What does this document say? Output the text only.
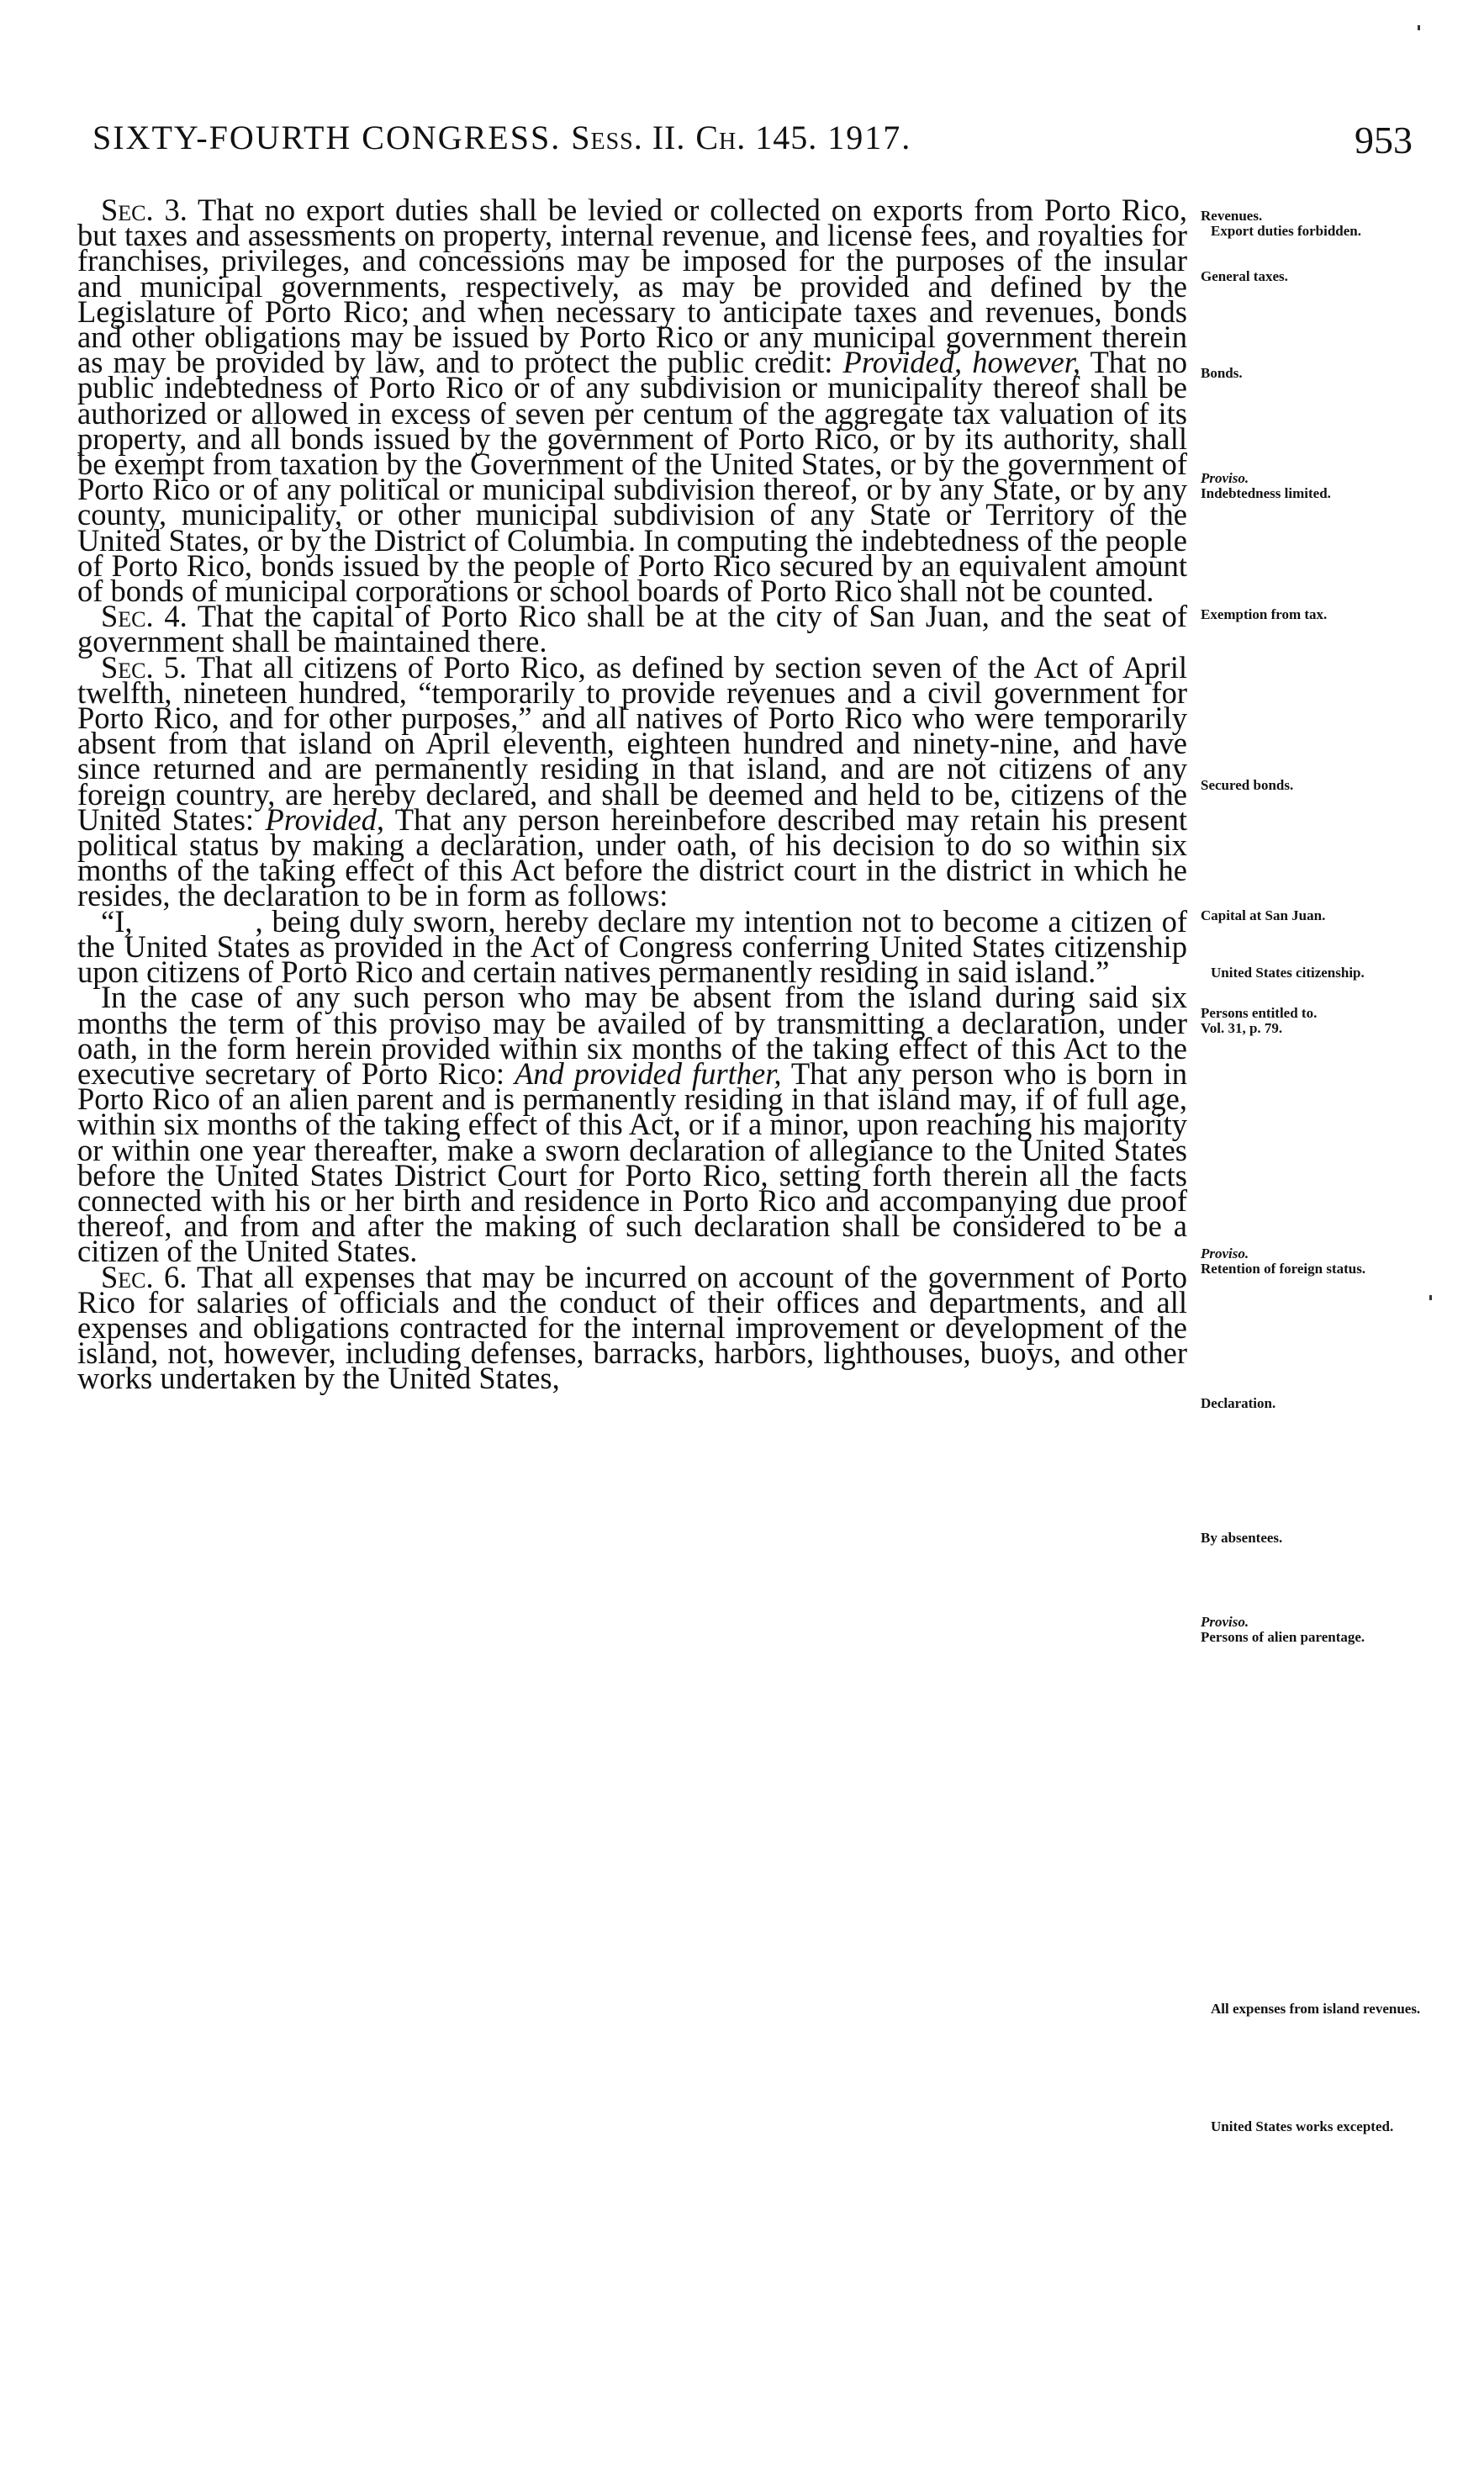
SIXTY-FOURTH CONGRESS. Sess. II. Ch. 145. 1917.	953

Sec. 3. That no export duties shall be levied or collected on exports from Porto Rico, but taxes and assessments on property, internal revenue, and license fees, and royalties for franchises, privileges, and concessions may be imposed for the purposes of the insular and municipal governments, respectively, as may be provided and defined by the Legislature of Porto Rico; and when necessary to anticipate taxes and revenues, bonds and other obligations may be issued by Porto Rico or any municipal government therein as may be provided by law, and to protect the public credit: Provided, however, That no public indebtedness of Porto Rico or of any subdivision or municipality thereof shall be authorized or allowed in excess of seven per centum of the aggregate tax valuation of its property, and all bonds issued by the government of Porto Rico, or by its authority, shall be exempt from taxation by the Government of the United States, or by the government of Porto Rico or of any political or municipal subdivision thereof, or by any State, or by any county, municipality, or other municipal subdivision of any State or Territory of the United States, or by the District of Columbia. In computing the indebtedness of the people of Porto Rico, bonds issued by the people of Porto Rico secured by an equivalent amount of bonds of municipal corporations or school boards of Porto Rico shall not be counted.

Sec. 4. That the capital of Porto Rico shall be at the city of San Juan, and the seat of government shall be maintained there.

Sec. 5. That all citizens of Porto Rico, as defined by section seven of the Act of April twelfth, nineteen hundred, “temporarily to provide revenues and a civil government for Porto Rico, and for other purposes,” and all natives of Porto Rico who were temporarily absent from that island on April eleventh, eighteen hundred and ninety-nine, and have since returned and are permanently residing in that island, and are not citizens of any foreign country, are hereby declared, and shall be deemed and held to be, citizens of the United States: Provided, That any person hereinbefore described may retain his present political status by making a declaration, under oath, of his decision to do so within six months of the taking effect of this Act before the district court in the district in which he resides, the declaration to be in form as follows:

“I,    , being duly sworn, hereby declare my intention not to become a citizen of the United States as provided in the Act of Congress conferring United States citizenship upon citizens of Porto Rico and certain natives permanently residing in said island.”

In the case of any such person who may be absent from the island during said six months the term of this proviso may be availed of by transmitting a declaration, under oath, in the form herein provided within six months of the taking effect of this Act to the executive secretary of Porto Rico: And provided further, That any person who is born in Porto Rico of an alien parent and is permanently residing in that island may, if of full age, within six months of the taking effect of this Act, or if a minor, upon reaching his majority or within one year thereafter, make a sworn declaration of allegiance to the United States before the United States District Court for Porto Rico, setting forth therein all the facts connected with his or her birth and residence in Porto Rico and accompanying due proof thereof, and from and after the making of such declaration shall be considered to be a citizen of the United States.

Sec. 6. That all expenses that may be incurred on account of the government of Porto Rico for salaries of officials and the conduct of their offices and departments, and all expenses and obligations contracted for the internal improvement or development of the island, not, however, including defenses, barracks, harbors, lighthouses, buoys, and other works undertaken by the United States,

Revenues.
Export duties forbidden.
General taxes.
Bonds.
Proviso.
Indebtedness limited.
Exemption from tax.
Secured bonds.
Capital at San Juan.
United States citizenship.
Persons entitled to.
Vol. 31, p. 79.
Proviso.
Retention of foreign status.
Declaration.
By absentees.
Proviso.
Persons of alien parentage.
All expenses from island revenues.
United States works excepted.
